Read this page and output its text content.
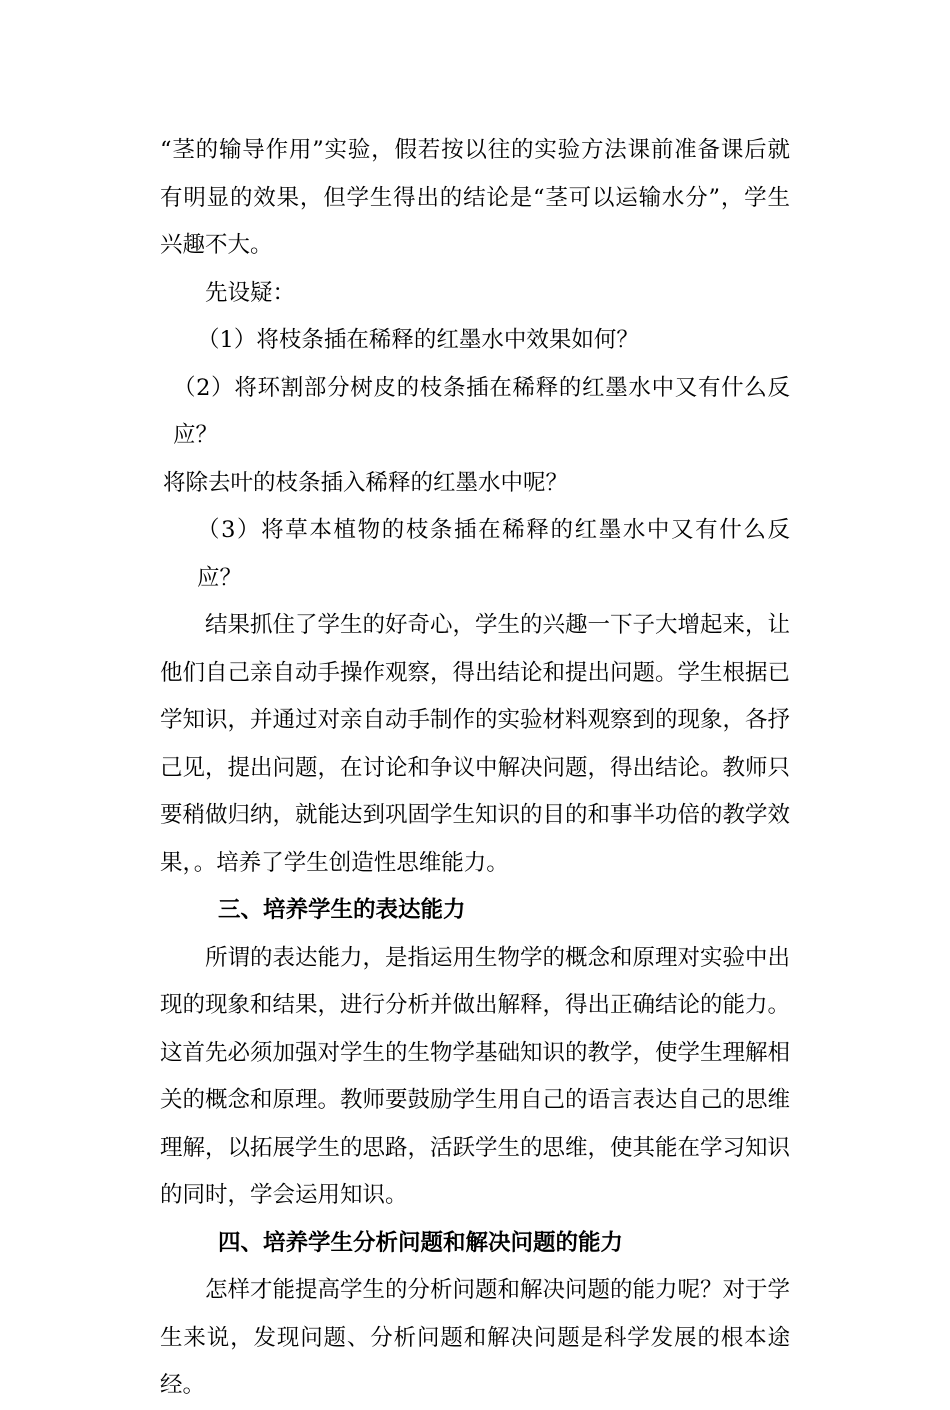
“茎的输导作用”实验，假若按以往的实验方法课前准备课后就有明显的效果，但学生得出的结论是“茎可以运输水分”，学生兴趣不大。

先设疑：

（1）将枝条插在稀释的红墨水中效果如何？

（2）将环割部分树皮的枝条插在稀释的红墨水中又有什么反应？

将除去叶的枝条插入稀释的红墨水中呢？

（3）将草本植物的枝条插在稀释的红墨水中又有什么反应？

结果抓住了学生的好奇心，学生的兴趣一下子大增起来，让他们自己亲自动手操作观察，得出结论和提出问题。学生根据已学知识，并通过对亲自动手制作的实验材料观察到的现象，各抒己见，提出问题，在讨论和争议中解决问题，得出结论。教师只要稍做归纳，就能达到巩固学生知识的目的和事半功倍的教学效果，。培养了学生创造性思维能力。

三、培养学生的表达能力

所谓的表达能力，是指运用生物学的概念和原理对实验中出现的现象和结果，进行分析并做出解释，得出正确结论的能力。这首先必须加强对学生的生物学基础知识的教学，使学生理解相关的概念和原理。教师要鼓励学生用自己的语言表达自己的思维理解，以拓展学生的思路，活跃学生的思维，使其能在学习知识的同时，学会运用知识。

四、培养学生分析问题和解决问题的能力

怎样才能提高学生的分析问题和解决问题的能力呢？对于学生来说，发现问题、分析问题和解决问题是科学发展的根本途经。
